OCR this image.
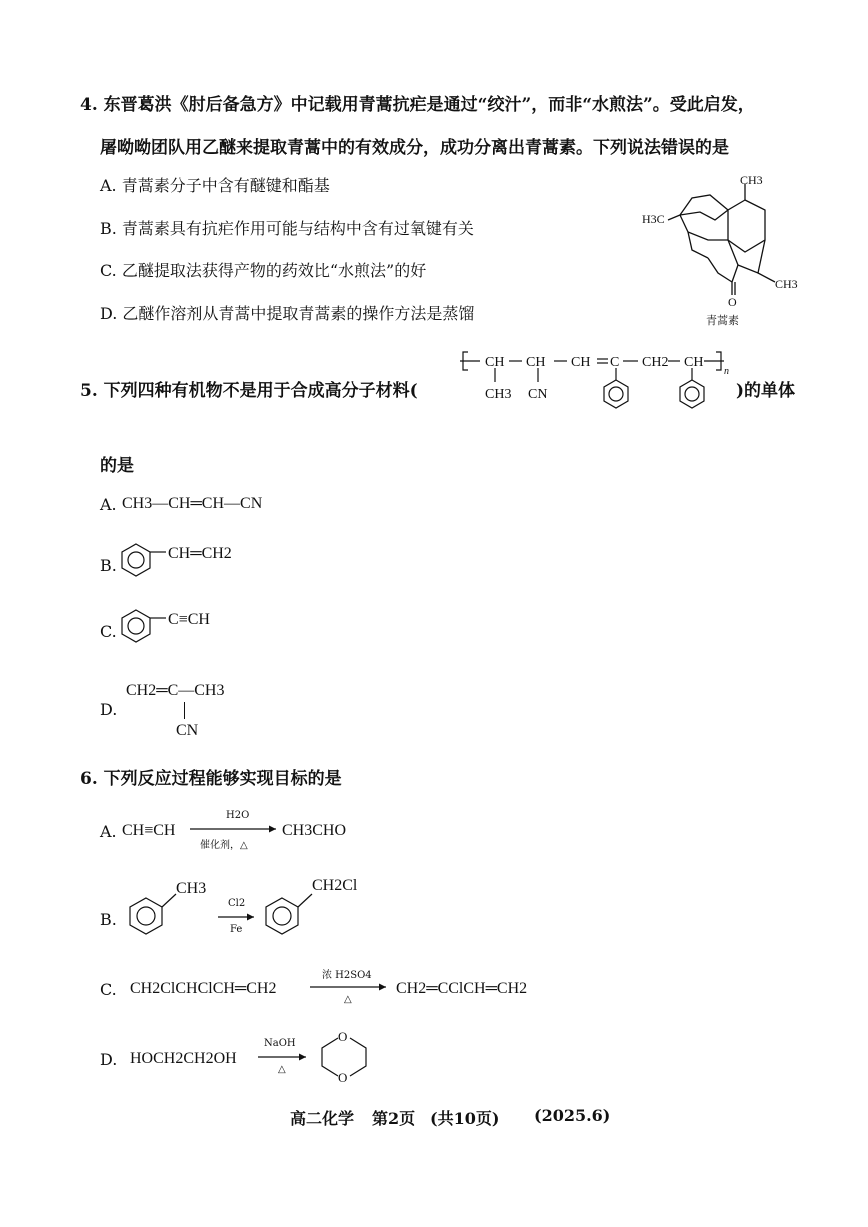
4. 东晋葛洪《肘后备急方》中记载用青蒿抗疟是通过“绞汁”，而非“水煎法”。受此启发，
屠呦呦团队用乙醚来提取青蒿中的有效成分，成功分离出青蒿素。下列说法错误的是
A. 青蒿素分子中含有醚键和酯基
B. 青蒿素具有抗疟作用可能与结构中含有过氧键有关
C. 乙醚提取法获得产物的药效比“水煎法”的好
D. 乙醚作溶剂从青蒿中提取青蒿素的操作方法是蒸馏
CH3
H3C
CH3
O
青蒿素
5. 下列四种有机物不是用于合成高分子材料(
CH CH CH C CH2 CH
CH3 CN
n
)的单体
的是
A. CH3—CH═CH—CN
B.
CH═CH2
C.
C≡CH
D.
CH2═C—CH3
CN
6. 下列反应过程能够实现目标的是
A. CH≡CH
H2O
催化剂，△
CH3CHO
B.
CH3
Cl2
Fe
CH2Cl
C. CH2ClCHClCH═CH2
浓 H2SO4
△
CH2═CClCH═CH2
D. HOCH2CH2OH
NaOH
△
O
O
高二化学 第2页 (共10页) (2025.6)
